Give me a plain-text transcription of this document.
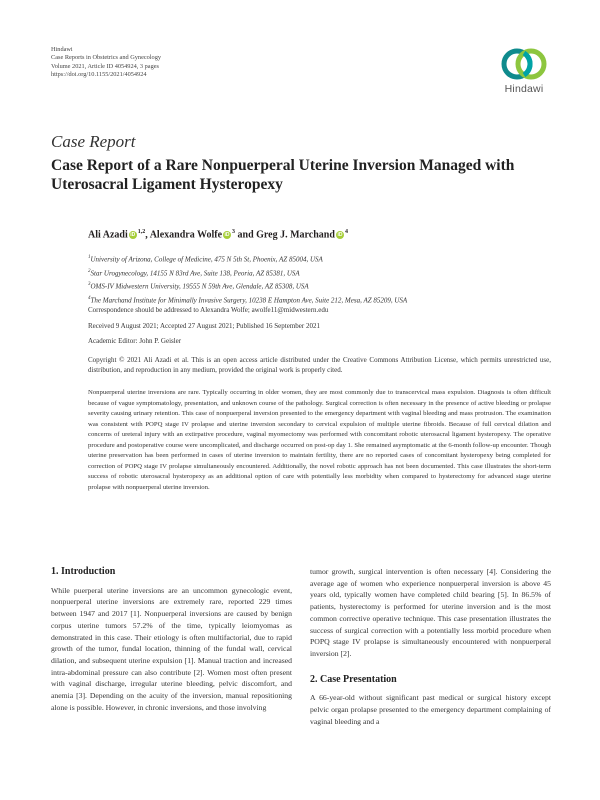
Hindawi
Case Reports in Obstetrics and Gynecology
Volume 2021, Article ID 4054924, 3 pages
https://doi.org/10.1155/2021/4054924
Hindawi
Case Report
Case Report of a Rare Nonpuerperal Uterine Inversion Managed with Uterosacral Ligament Hysteropexy
Ali Azadi iD$^{1,2}$, Alexandra Wolfe $iD^3$ and Greg J. Marchand $iD^4$
$^1$University of Arizona, College of Medicine, 475 N 5th St, Phoenix, AZ 85004, USA
$^2$Star Urogynecology, 14155 N 83rd Ave, Suite 138, Peoria, AZ 85381, USA
$^3$OMS-IV Midwestern University, 19555 N 59th Ave, Glendale, AZ 85308, USA
$^4$The Marchand Institute for Minimally Invasive Surgery, 10238 E Hampton Ave, Suite 212, Mesa, AZ 85209, USA
Correspondence should be addressed to Alexandra Wolfe; awolfe11@midwestern.edu
Received 9 August 2021; Accepted 27 August 2021; Published 16 September 2021
Academic Editor: John P. Geisler
Copyright © 2021 Ali Azadi et al. This is an open access article distributed under the Creative Commons Attribution License, which permits unrestricted use, distribution, and reproduction in any medium, provided the original work is properly cited.
Nonpuerperal uterine inversions are rare. Typically occurring in older women, they are most commonly due to transcervical mass expulsion. Diagnosis is often difficult because of vague symptomatology, presentation, and unknown course of the pathology. Surgical correction is often necessary in the presence of active bleeding or prolapse severity causing urinary retention. This case of nonpuerperal inversion presented to the emergency department with vaginal bleeding and mass protrusion. The examination was consistent with POPQ stage IV prolapse and uterine inversion secondary to cervical expulsion of multiple uterine fibroids. Because of full cervical dilation and concerns of ureteral injury with an extirpative procedure, vaginal myomectomy was performed with concomitant robotic uterosacral ligament hysteropexy. The operative procedure and postoperative course were uncomplicated, and discharge occurred on post-op day 1. She remained asymptomatic at the 6-month follow-up encounter. Though uterine preservation has been performed in cases of uterine inversion to maintain fertility, there are no reported cases of concomitant hysteropexy being completed for correction of POPQ stage IV prolapse simultaneously encountered. Additionally, the novel robotic approach has not been documented. This case illustrates the short-term success of robotic uterosacral hysteropexy as an additional option of care with potentially less morbidity when compared to hysterectomy for advanced stage uterine prolapse with nonpuerperal uterine inversion.
1. Introduction

While puerperal uterine inversions are an uncommon gynecologic event, nonpuerperal uterine inversions are extremely rare, reported 229 times between 1947 and 2017 [1]. Nonpuerperal inversions are caused by benign corpus uterine tumors 57.2% of the time, typically leiomyomas as demonstrated in this case. Their etiology is often multifactorial, due to rapid growth of the tumor, fundal location, thinning of the fundal wall, cervical dilation, and subsequent uterine expulsion [1]. Manual traction and increased intra-abdominal pressure can also contribute [2]. Women most often present with vaginal discharge, irregular uterine bleeding, pelvic discomfort, and anemia [3]. Depending on the acuity of the inversion, manual repositioning alone is possible. However, in chronic inversions, and those involving

tumor growth, surgical intervention is often necessary [4]. Considering the average age of women who experience nonpuerperal inversion is above 45 years old, typically women have completed child bearing [5]. In 86.5% of patients, hysterectomy is performed for uterine inversion and is the most common corrective operative technique. This case presentation illustrates the success of surgical correction with a potentially less morbid procedure when POPQ stage IV prolapse is simultaneously encountered with nonpuerperal inversion [2].

2. Case Presentation

A 66-year-old without significant past medical or surgical history except pelvic organ prolapse presented to the emergency department complaining of vaginal bleeding and a
